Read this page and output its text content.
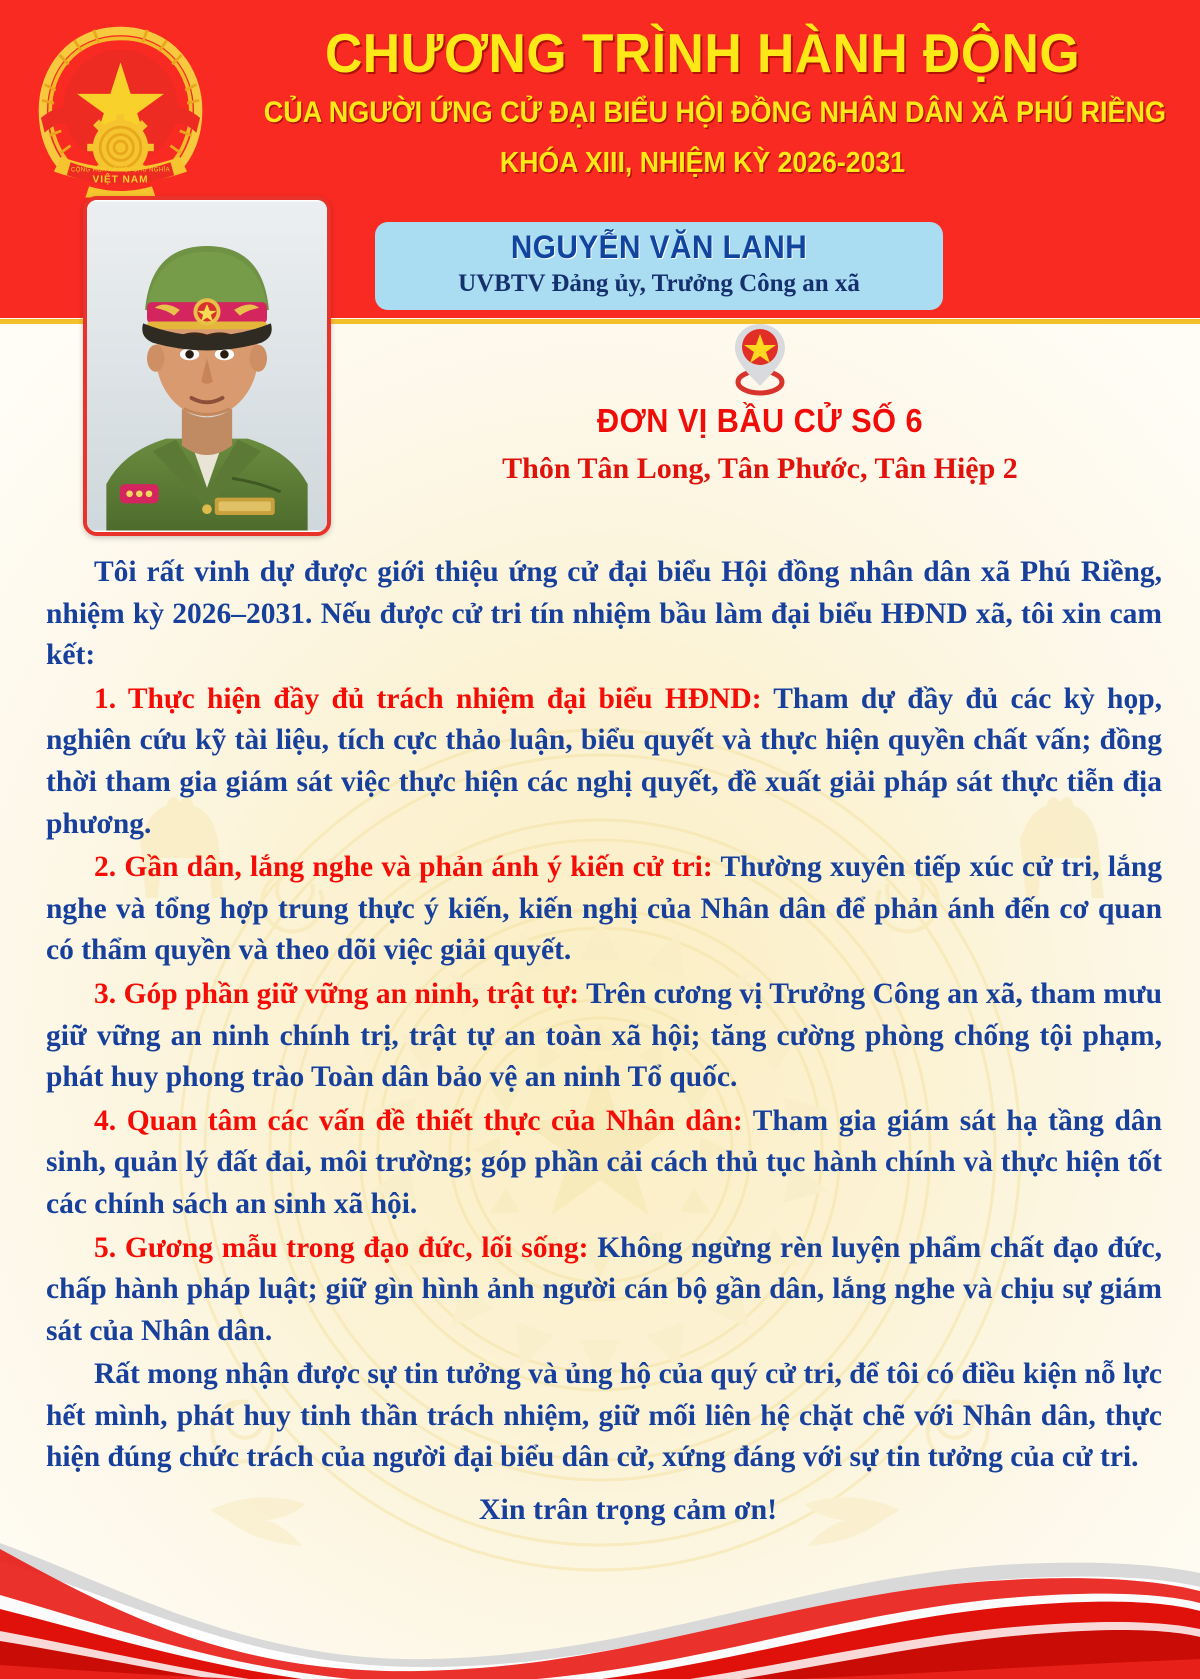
CỘNG HÒA XÃ HỘI CHỦ NGHĨA
VIỆT NAM
CHƯƠNG TRÌNH HÀNH ĐỘNG
CỦA NGƯỜI ỨNG CỬ ĐẠI BIỂU HỘI ĐỒNG NHÂN DÂN XÃ PHÚ RIỀNG
KHÓA XIII, NHIỆM KỲ 2026-2031
NGUYỄN VĂN LANH
UVBTV Đảng ủy, Trưởng Công an xã
ĐƠN VỊ BẦU CỬ SỐ 6
Thôn Tân Long, Tân Phước, Tân Hiệp 2

Tôi rất vinh dự được giới thiệu ứng cử đại biểu Hội đồng nhân dân xã Phú Riềng, nhiệm kỳ 2026–2031. Nếu được cử tri tín nhiệm bầu làm đại biểu HĐND xã, tôi xin cam kết:

1. Thực hiện đầy đủ trách nhiệm đại biểu HĐND: Tham dự đầy đủ các kỳ họp, nghiên cứu kỹ tài liệu, tích cực thảo luận, biểu quyết và thực hiện quyền chất vấn; đồng thời tham gia giám sát việc thực hiện các nghị quyết, đề xuất giải pháp sát thực tiễn địa phương.

2. Gần dân, lắng nghe và phản ánh ý kiến cử tri: Thường xuyên tiếp xúc cử tri, lắng nghe và tổng hợp trung thực ý kiến, kiến nghị của Nhân dân để phản ánh đến cơ quan có thẩm quyền và theo dõi việc giải quyết.

3. Góp phần giữ vững an ninh, trật tự: Trên cương vị Trưởng Công an xã, tham mưu giữ vững an ninh chính trị, trật tự an toàn xã hội; tăng cường phòng chống tội phạm, phát huy phong trào Toàn dân bảo vệ an ninh Tổ quốc.

4. Quan tâm các vấn đề thiết thực của Nhân dân: Tham gia giám sát hạ tầng dân sinh, quản lý đất đai, môi trường; góp phần cải cách thủ tục hành chính và thực hiện tốt các chính sách an sinh xã hội.

5. Gương mẫu trong đạo đức, lối sống: Không ngừng rèn luyện phẩm chất đạo đức, chấp hành pháp luật; giữ gìn hình ảnh người cán bộ gần dân, lắng nghe và chịu sự giám sát của Nhân dân.

Rất mong nhận được sự tin tưởng và ủng hộ của quý cử tri, để tôi có điều kiện nỗ lực hết mình, phát huy tinh thần trách nhiệm, giữ mối liên hệ chặt chẽ với Nhân dân, thực hiện đúng chức trách của người đại biểu dân cử, xứng đáng với sự tin tưởng của cử tri.

Xin trân trọng cảm ơn!
